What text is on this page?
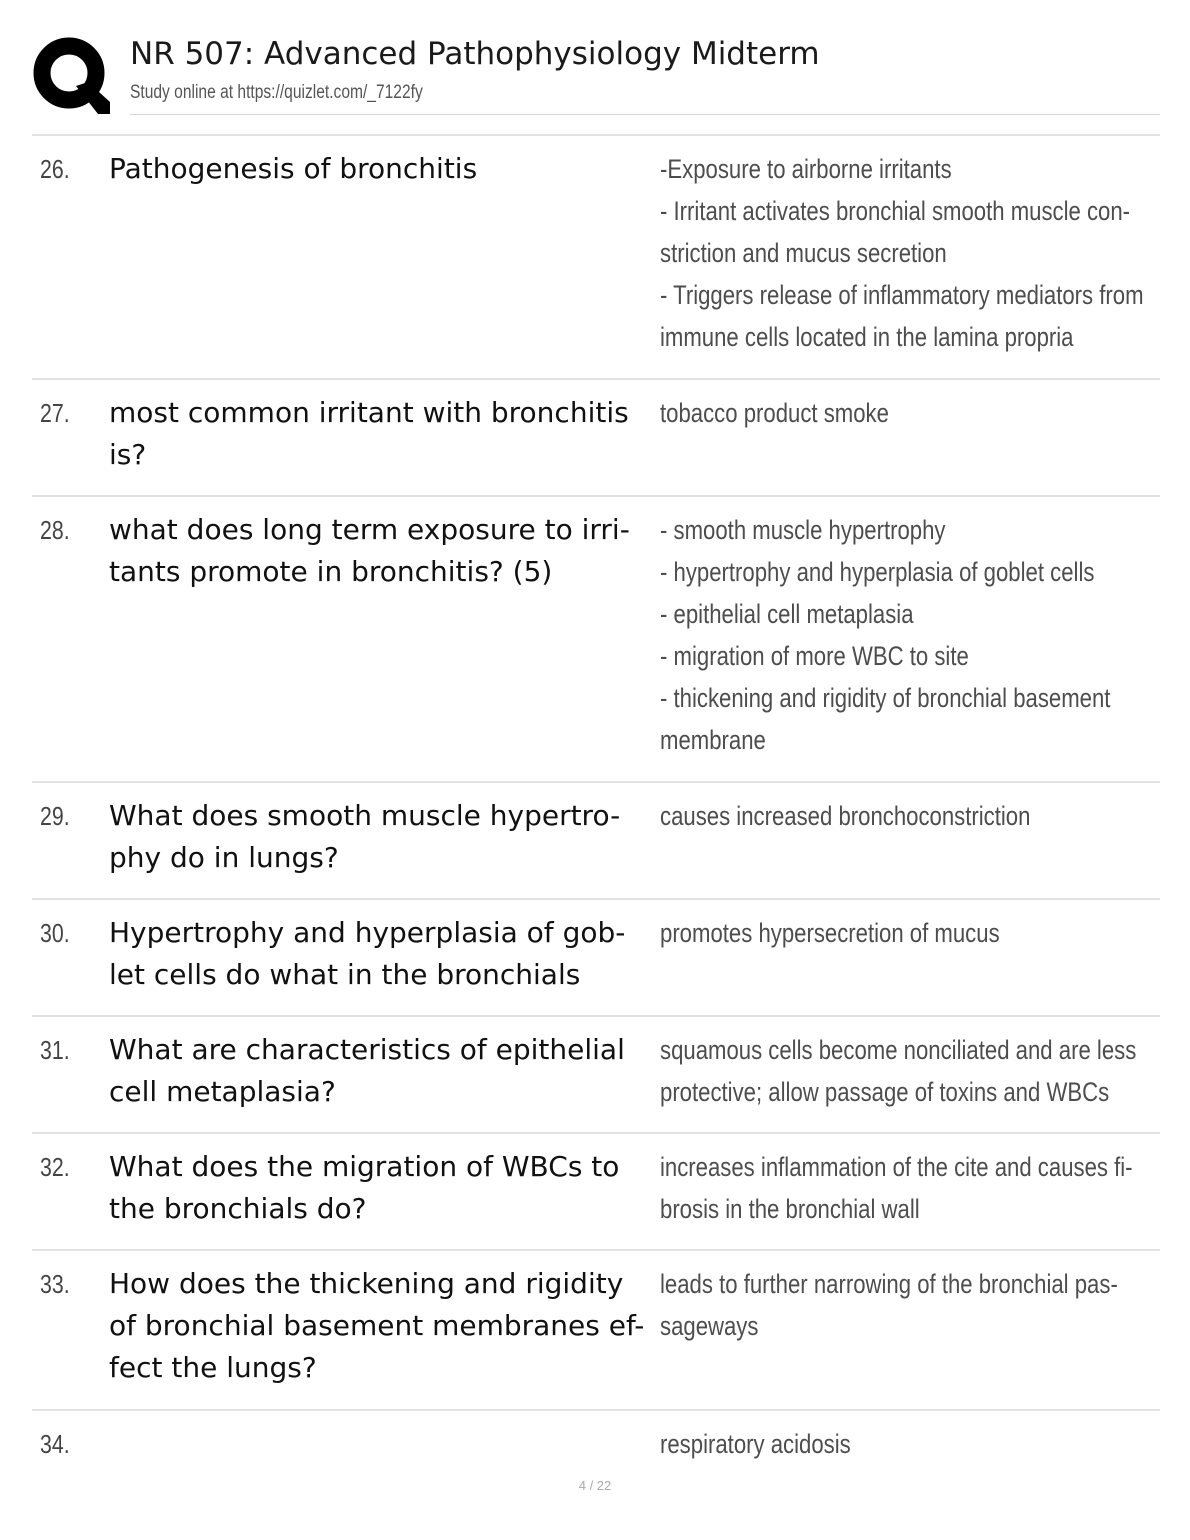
NR 507: Advanced Pathophysiology Midterm
Study online at https://quizlet.com/_7122fy
26. Pathogenesis of bronchitis	-Exposure to airborne irritants
- Irritant activates bronchial smooth muscle con-
striction and mucus secretion
- Triggers release of inflammatory mediators from
immune cells located in the lamina propria
27. most common irritant with bronchitis
is?
tobacco product smoke
28. what does long term exposure to irri-
tants promote in bronchitis? (5)
- smooth muscle hypertrophy
- hypertrophy and hyperplasia of goblet cells
- epithelial cell metaplasia
- migration of more WBC to site
- thickening and rigidity of bronchial basement
membrane
29. What does smooth muscle hypertro-
phy do in lungs?
causes increased bronchoconstriction
30. Hypertrophy and hyperplasia of gob-
let cells do what in the bronchials
promotes hypersecretion of mucus
31. What are characteristics of epithelial
cell metaplasia?
squamous cells become nonciliated and are less
protective; allow passage of toxins and WBCs
32. What does the migration of WBCs to
the bronchials do?
increases inflammation of the cite and causes fi-
brosis in the bronchial wall
33. How does the thickening and rigidity
of bronchial basement membranes ef-
fect the lungs?
leads to further narrowing of the bronchial pas-
sageways
34.	respiratory acidosis
4 / 22
